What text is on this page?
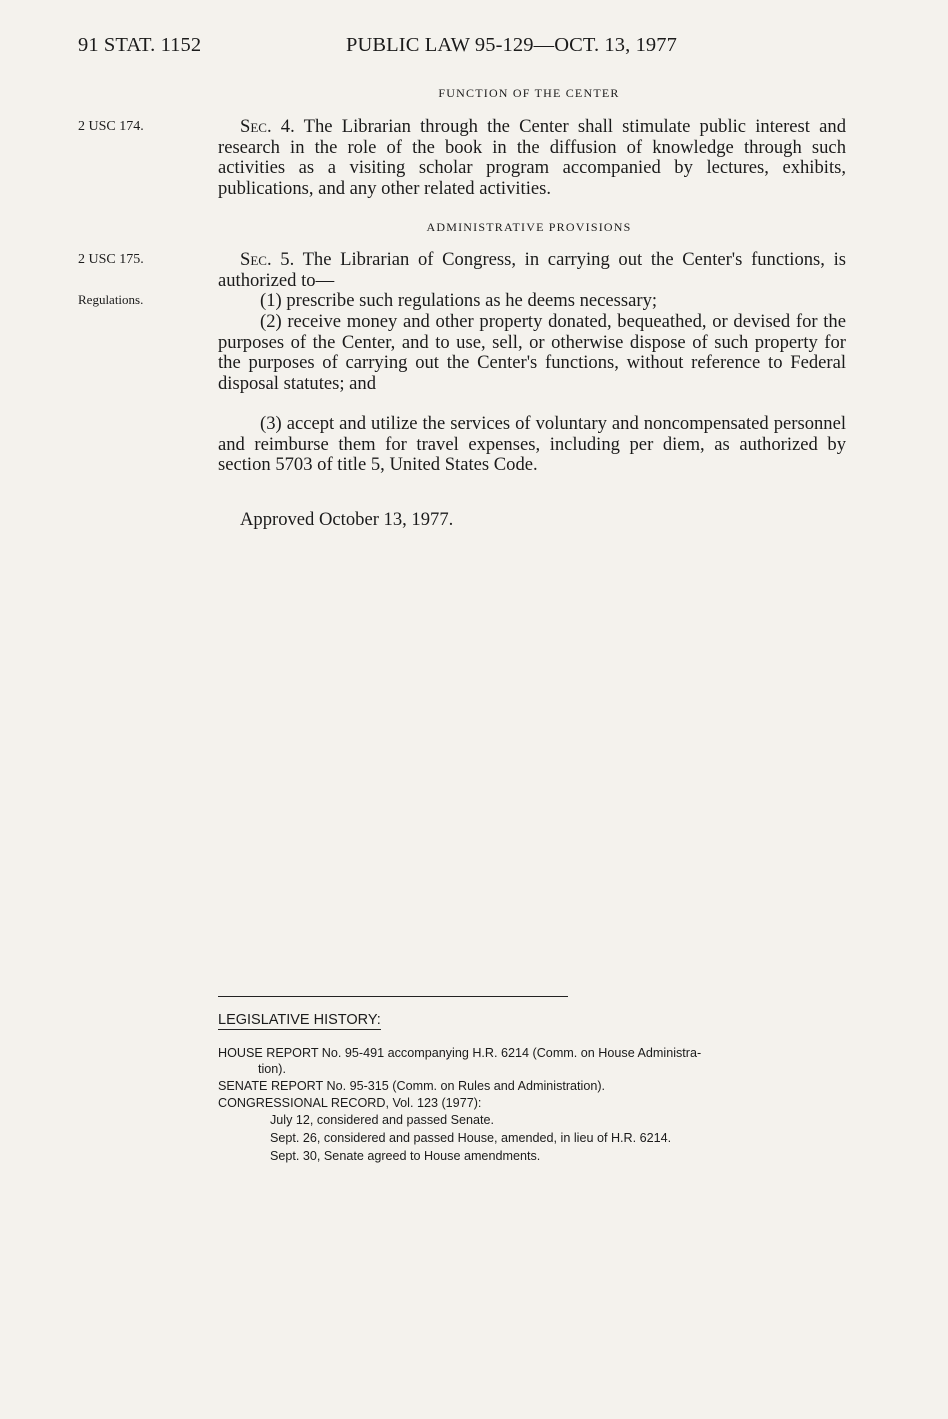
91 STAT. 1152	PUBLIC LAW 95-129—OCT. 13, 1977
FUNCTION OF THE CENTER
2 USC 174.	Sec. 4. The Librarian through the Center shall stimulate public interest and research in the role of the book in the diffusion of knowledge through such activities as a visiting scholar program accompanied by lectures, exhibits, publications, and any other related activities.
ADMINISTRATIVE PROVISIONS
2 USC 175.
Regulations.
Sec. 5. The Librarian of Congress, in carrying out the Center's functions, is authorized to—
(1) prescribe such regulations as he deems necessary;
(2) receive money and other property donated, bequeathed, or devised for the purposes of the Center, and to use, sell, or otherwise dispose of such property for the purposes of carrying out the Center's functions, without reference to Federal disposal statutes; and
(3) accept and utilize the services of voluntary and noncompensated personnel and reimburse them for travel expenses, including per diem, as authorized by section 5703 of title 5, United States Code.
Approved October 13, 1977.
LEGISLATIVE HISTORY:
HOUSE REPORT No. 95-491 accompanying H.R. 6214 (Comm. on House Administra-
tion).
SENATE REPORT No. 95-315 (Comm. on Rules and Administration).
CONGRESSIONAL RECORD, Vol. 123 (1977):
July 12, considered and passed Senate.
Sept. 26, considered and passed House, amended, in lieu of H.R. 6214.
Sept. 30, Senate agreed to House amendments.
